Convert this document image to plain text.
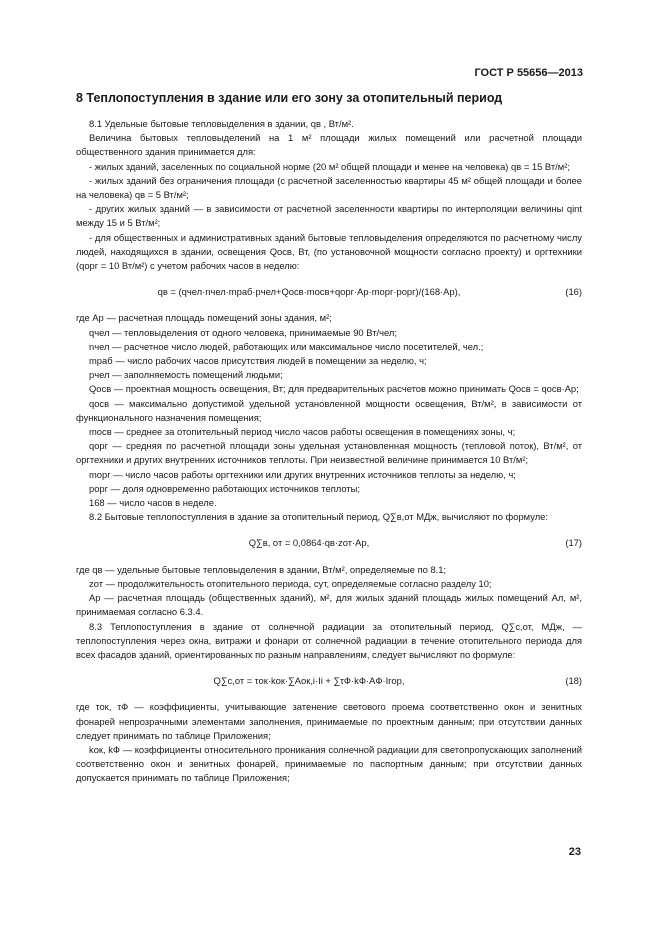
ГОСТ Р 55656—2013
8 Теплопоступления в здание или его зону за отопительный период

8.1 Удельные бытовые тепловыделения в здании, qв , Вт/м².

Величина бытовых тепловыделений на 1 м² площади жилых помещений или расчетной площади общественного здания принимается для:

- жилых зданий, заселенных по социальной норме (20 м² общей площади и менее на человека) qв = 15 Вт/м²;

- жилых зданий без ограничения площади (с расчетной заселенностью квартиры 45 м² общей площади и более на человека) qв = 5 Вт/м²;

- других жилых зданий — в зависимости от расчетной заселенности квартиры по интерполяции величины qint между 15 и 5 Вт/м²;

- для общественных и административных зданий бытовые тепловыделения определяются по расчетному числу людей, находящихся в здании, освещения Qосв, Вт, (по установочной мощности согласно проекту) и оргтехники (qорг = 10 Вт/м²) с учетом рабочих часов в неделю:

qв = (qчел·nчел·mраб·pчел+Qосв·mосв+qорг·Aр·mорг·pорг)/(168·Aр),	(16)

где Aр — расчетная площадь помещений зоны здания, м²;

qчел — тепловыделения от одного человека, принимаемые 90 Вт/чел;

nчел — расчетное число людей, работающих или максимальное число посетителей, чел.;

mраб — число рабочих часов присутствия людей в помещении за неделю, ч;

pчел — заполняемость помещений людьми;

Qосв — проектная мощность освещения, Вт; для предварительных расчетов можно принимать Qосв = qосв·Aр;

qосв — максимально допустимой удельной установленной мощности освещения, Вт/м², в зависимости от функционального назначения помещения;

mосв — среднее за отопительный период число часов работы освещения в помещениях зоны, ч;

qорг — средняя по расчетной площади зоны удельная установленная мощность (тепловой поток), Вт/м², от оргтехники и других внутренних источников теплоты. При неизвестной величине принимается 10 Вт/м²;

mорг — число часов работы оргтехники или других внутренних источников теплоты за неделю, ч;

pорг — доля одновременно работающих источников теплоты;

168 — число часов в неделе.

8.2 Бытовые теплопоступления в здание за отопительный период, Q∑в,от МДж, вычисляют по формуле:

Q∑в, от = 0,0864·qв·zот·Aр,	(17)

где qв — удельные бытовые тепловыделения в здании, Вт/м², определяемые по 8.1;

zот — продолжительность отопительного периода, сут, определяемые согласно разделу 10;

Aр — расчетная площадь (общественных зданий), м², для жилых зданий площадь жилых помещений Aл, м², принимаемая согласно 6.3.4.

8.3 Теплопоступления в здание от солнечной радиации за отопительный период, Q∑с,от, МДж, — теплопоступления через окна, витражи и фонари от солнечной радиации в течение отопительного периода для всех фасадов зданий, ориентированных по разным направлениям, следует вычисляют по формуле:

Q∑с,от = τок·kок·∑Aок,i·Ii + ∑τФ·kФ·AФ·Iгор,	(18)

где τок, τФ — коэффициенты, учитывающие затенение светового проема соответственно окон и зенитных фонарей непрозрачными элементами заполнения, принимаемые по проектным данным; при отсутствии данных следует принимать по таблице Приложения;

kок, kФ — коэффициенты относительного проникания солнечной радиации для светопропускающих заполнений соответственно окон и зенитных фонарей, принимаемые по паспортным данным; при отсутствии данных допускается принимать по таблице Приложения;

23
